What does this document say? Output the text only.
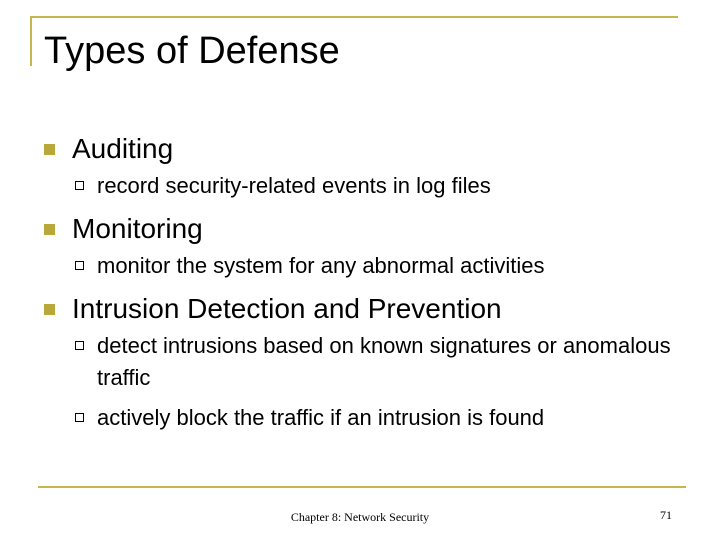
Types of Defense
Auditing
record security-related events in log files
Monitoring
monitor the system for any abnormal activities
Intrusion Detection and Prevention
detect intrusions based on known signatures or anomalous traffic
actively block the traffic if an intrusion is found
Chapter 8: Network Security	71
